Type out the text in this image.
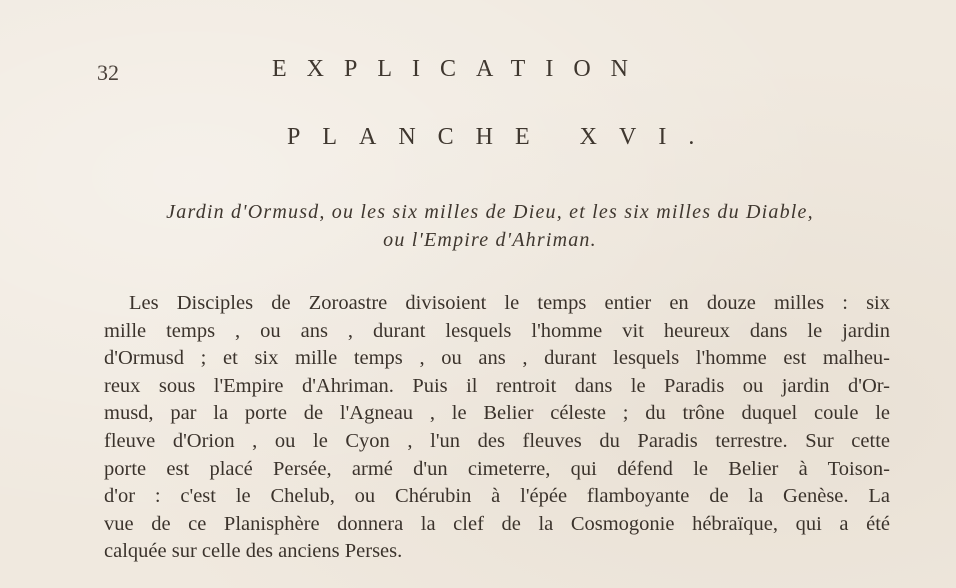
32	EXPLICATION
PLANCHE XVI.
Jardin d'Ormusd, ou les six milles de Dieu, et les six milles du Diable,
ou l'Empire d'Ahriman.
Les Disciples de Zoroastre divisoient le temps entier en douze milles : six
mille temps , ou ans , durant lesquels l'homme vit heureux dans le jardin
d'Ormusd ; et six mille temps , ou ans , durant lesquels l'homme est malheu-
reux sous l'Empire d'Ahriman. Puis il rentroit dans le Paradis ou jardin d'Or-
musd, par la porte de l'Agneau , le Belier céleste ; du trône duquel coule le
fleuve d'Orion , ou le Cyon , l'un des fleuves du Paradis terrestre. Sur cette
porte est placé Persée, armé d'un cimeterre, qui défend le Belier à Toison-
d'or : c'est le Chelub, ou Chérubin à l'épée flamboyante de la Genèse. La
vue de ce Planisphère donnera la clef de la Cosmogonie hébraïque, qui a été
calquée sur celle des anciens Perses.
